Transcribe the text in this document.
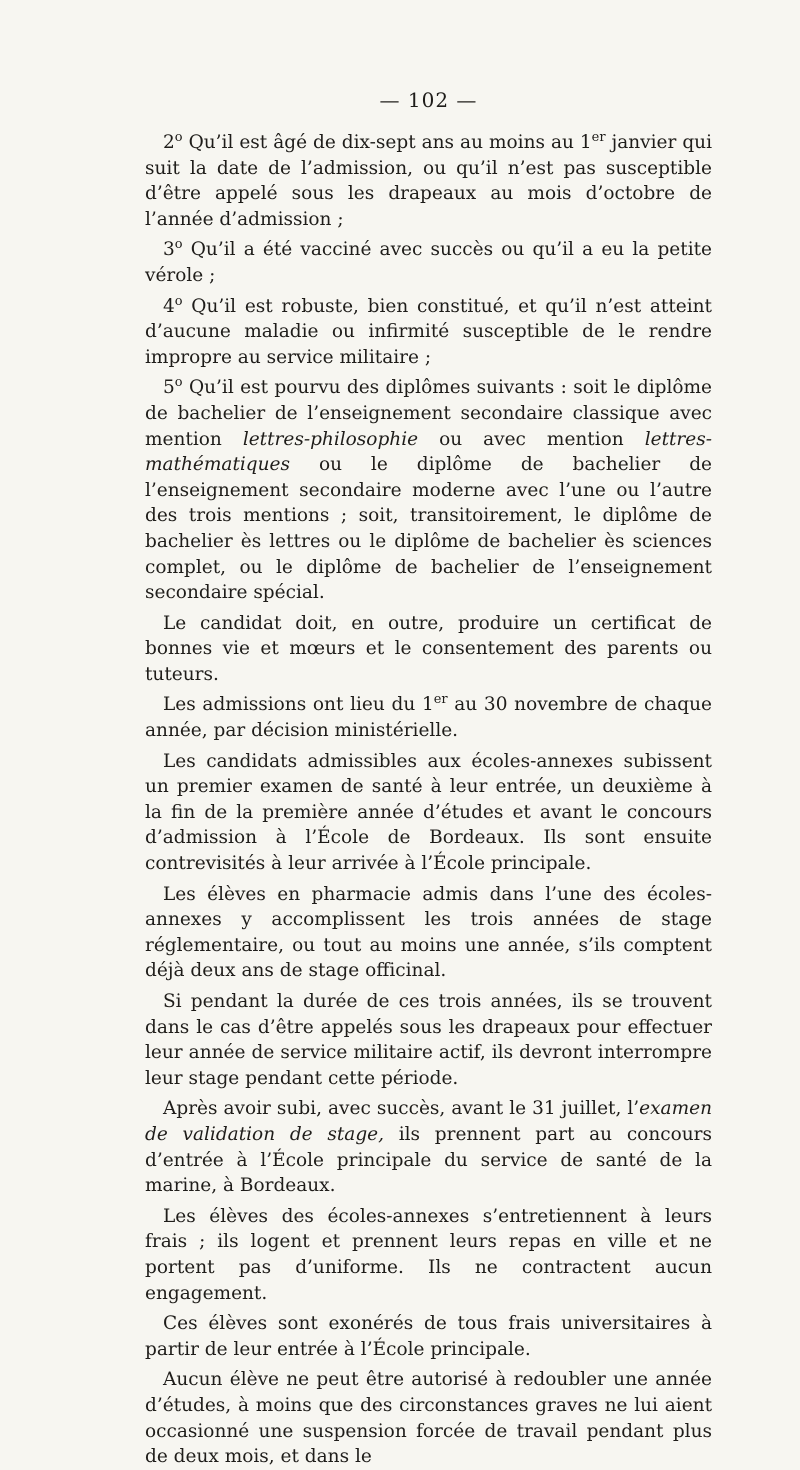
— 102 —

2$^o$ Qu’il est âgé de dix-sept ans au moins au 1er janvier qui suit la date de l’admission, ou qu’il n’est pas susceptible d’être appelé sous les drapeaux au mois d’octobre de l’année d’admission ;

3$^o$ Qu’il a été vacciné avec succès ou qu’il a eu la petite vérole ;

4$^o$ Qu’il est robuste, bien constitué, et qu’il n’est atteint d’aucune maladie ou infirmité susceptible de le rendre impropre au service militaire ;

5$^o$ Qu’il est pourvu des diplômes suivants : soit le diplôme de bachelier de l’enseignement secondaire classique avec mention lettres-philosophie ou avec mention lettres-mathématiques ou le diplôme de bachelier de l’enseignement secondaire moderne avec l’une ou l’autre des trois mentions ; soit, transitoirement, le diplôme de bachelier ès lettres ou le diplôme de bachelier ès sciences complet, ou le diplôme de bachelier de l’enseignement secondaire spécial.

Le candidat doit, en outre, produire un certificat de bonnes vie et mœurs et le consentement des parents ou tuteurs.

Les admissions ont lieu du 1er au 30 novembre de chaque année, par décision ministérielle.

Les candidats admissibles aux écoles-annexes subissent un premier examen de santé à leur entrée, un deuxième à la fin de la première année d’études et avant le concours d’admission à l’École de Bordeaux. Ils sont ensuite contrevisités à leur arrivée à l’École principale.

Les élèves en pharmacie admis dans l’une des écoles-annexes y accomplissent les trois années de stage réglementaire, ou tout au moins une année, s’ils comptent déjà deux ans de stage officinal.

Si pendant la durée de ces trois années, ils se trouvent dans le cas d’être appelés sous les drapeaux pour effectuer leur année de service militaire actif, ils devront interrompre leur stage pendant cette période.

Après avoir subi, avec succès, avant le 31 juillet, l’examen de validation de stage, ils prennent part au concours d’entrée à l’École principale du service de santé de la marine, à Bordeaux.

Les élèves des écoles-annexes s’entretiennent à leurs frais ; ils logent et prennent leurs repas en ville et ne portent pas d’uniforme. Ils ne contractent aucun engagement.

Ces élèves sont exonérés de tous frais universitaires à partir de leur entrée à l’École principale.

Aucun élève ne peut être autorisé à redoubler une année d’études, à moins que des circonstances graves ne lui aient occasionné une suspension forcée de travail pendant plus de deux mois, et dans le
